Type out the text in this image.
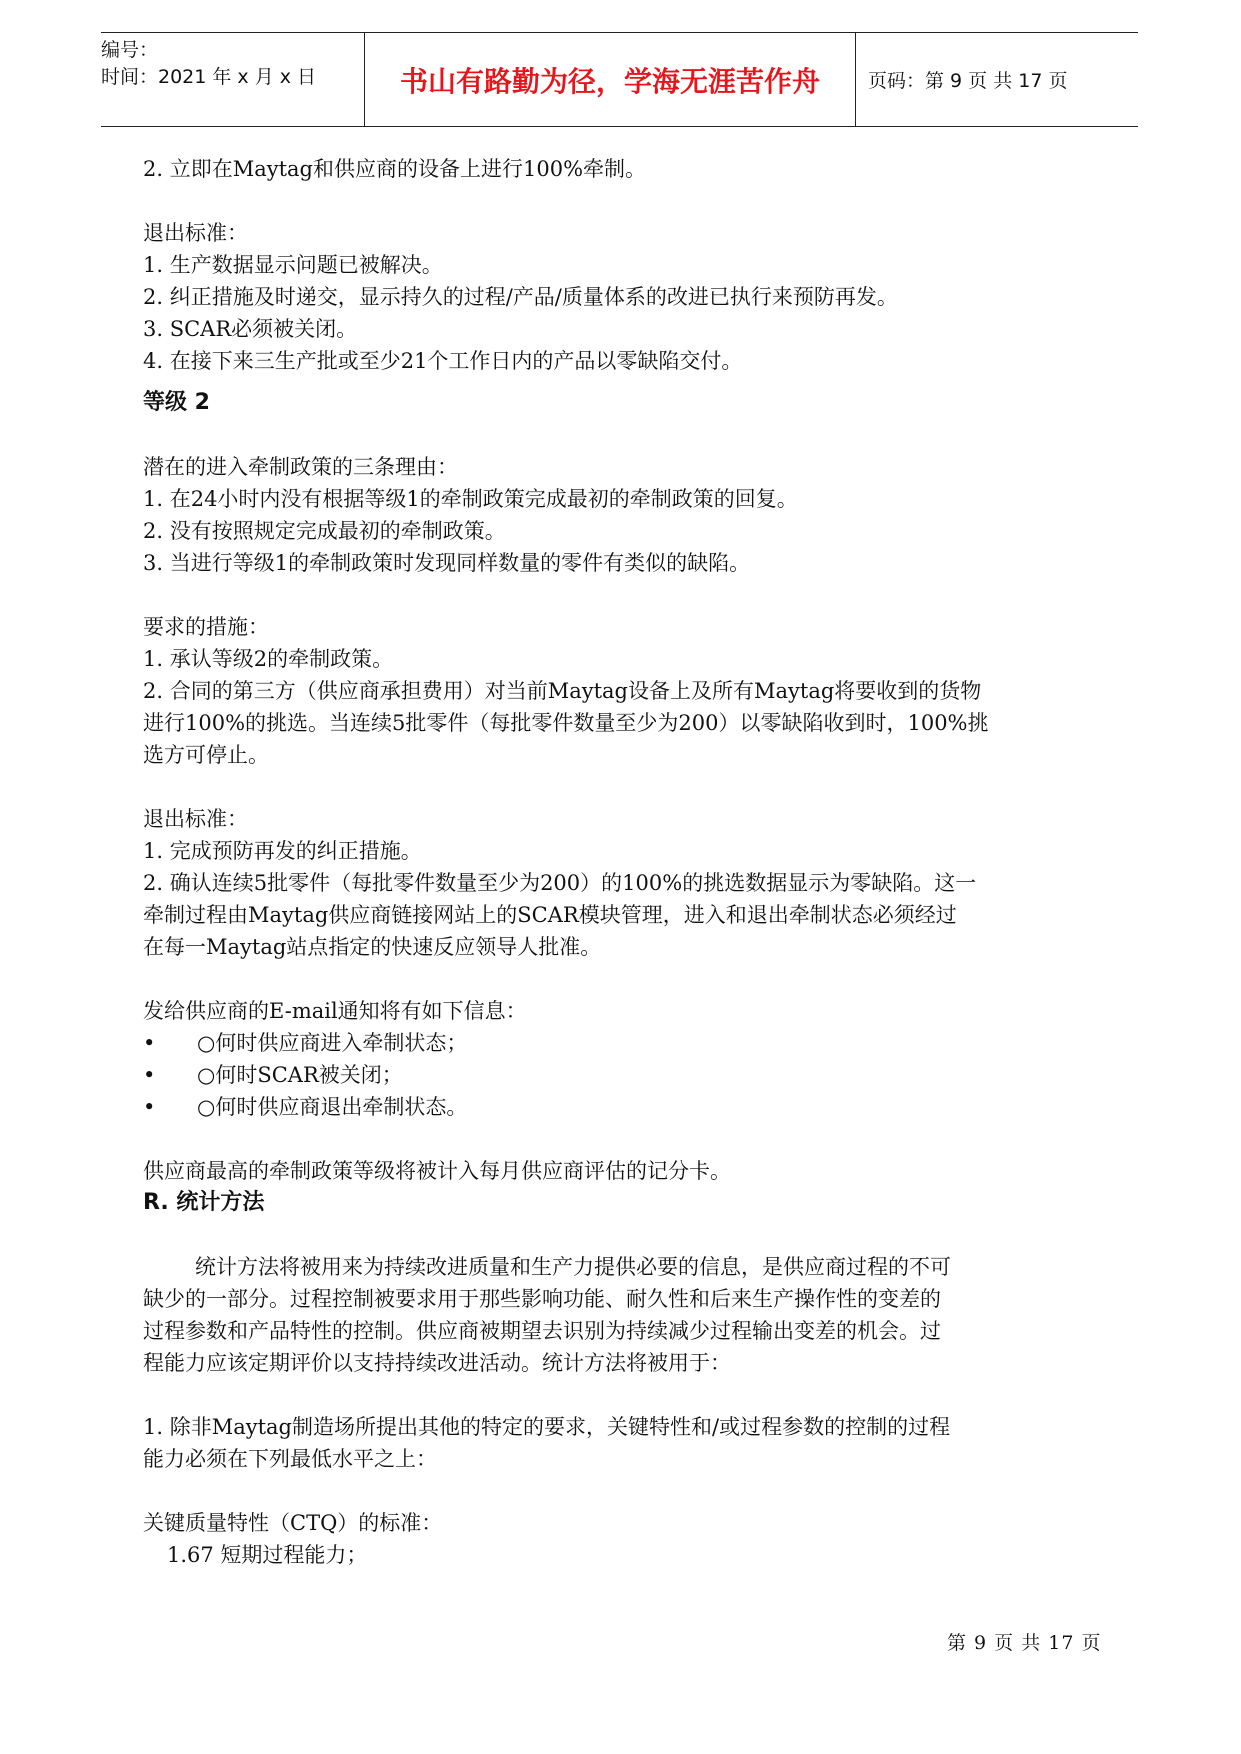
编号：
时间：2021 年 x 月 x 日	书山有路勤为径，学海无涯苦作舟	页码：第 9 页 共 17 页
2. 立即在Maytag和供应商的设备上进行100%牵制。
退出标准：
1. 生产数据显示问题已被解决。
2. 纠正措施及时递交，显示持久的过程/产品/质量体系的改进已执行来预防再发。
3. SCAR必须被关闭。
4. 在接下来三生产批或至少21个工作日内的产品以零缺陷交付。
等级 2
潜在的进入牵制政策的三条理由：
1. 在24小时内没有根据等级1的牵制政策完成最初的牵制政策的回复。
2. 没有按照规定完成最初的牵制政策。
3. 当进行等级1的牵制政策时发现同样数量的零件有类似的缺陷。
要求的措施：
1. 承认等级2的牵制政策。
2. 合同的第三方（供应商承担费用）对当前Maytag设备上及所有Maytag将要收到的货物
进行100%的挑选。当连续5批零件（每批零件数量至少为200）以零缺陷收到时，100%挑
选方可停止。
退出标准：
1. 完成预防再发的纠正措施。
2. 确认连续5批零件（每批零件数量至少为200）的100%的挑选数据显示为零缺陷。这一
牵制过程由Maytag供应商链接网站上的SCAR模块管理，进入和退出牵制状态必须经过
在每一Maytag站点指定的快速反应领导人批准。
发给供应商的E-mail通知将有如下信息：
•	○何时供应商进入牵制状态；
•	○何时SCAR被关闭；
•	○何时供应商退出牵制状态。
供应商最高的牵制政策等级将被计入每月供应商评估的记分卡。
R. 统计方法
统计方法将被用来为持续改进质量和生产力提供必要的信息，是供应商过程的不可
缺少的一部分。过程控制被要求用于那些影响功能、耐久性和后来生产操作性的变差的
过程参数和产品特性的控制。供应商被期望去识别为持续减少过程输出变差的机会。过
程能力应该定期评价以支持持续改进活动。统计方法将被用于：
1. 除非Maytag制造场所提出其他的特定的要求，关键特性和/或过程参数的控制的过程
能力必须在下列最低水平之上：
关键质量特性（CTQ）的标准：
1.67 短期过程能力；
第 9 页 共 17 页
